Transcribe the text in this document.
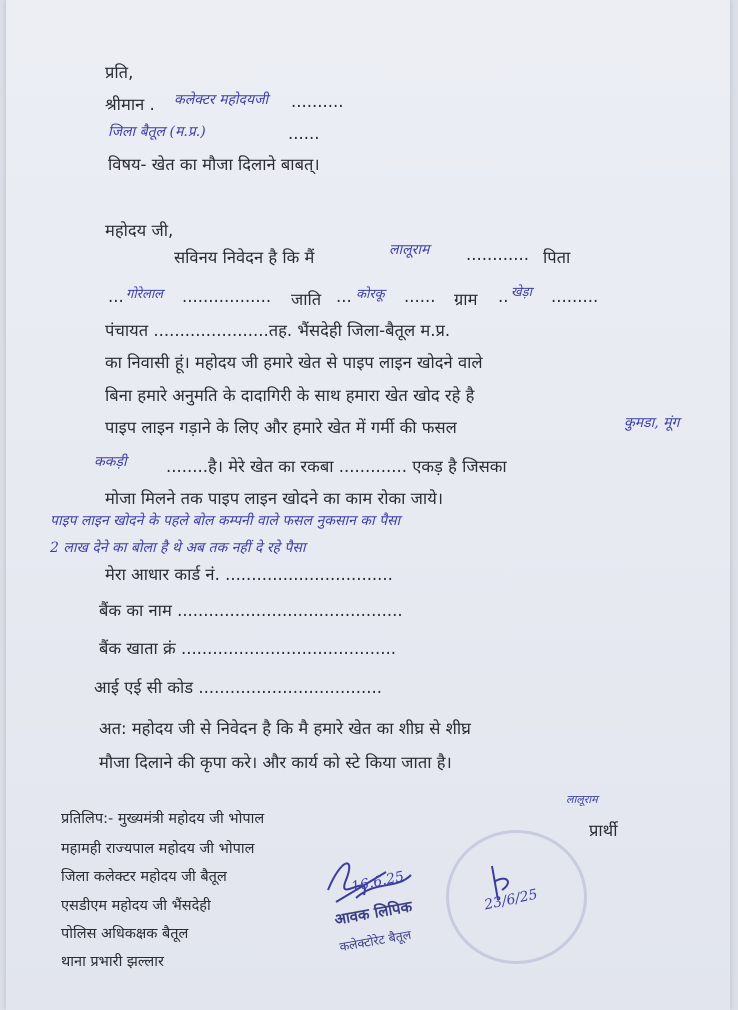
प्रति,
श्रीमान . कलेक्टर महोदयजी ..........
जिला बैतूल (म.प्र.)	......
विषय- खेत का मौजा दिलाने बाबत्।
महोदय जी,
सविनय निवेदन है कि मैं	लालूराम ............ पिता
... गोरेलाल ................. जाति ... कोरकू ...... ग्राम .. खेड़ा .........
पंचायत ......................तह. भैंसदेही जिला-बैतूल म.प्र.
का निवासी हूं। महोदय जी हमारे खेत से पाइप लाइन खोदने वाले
बिना हमारे अनुमति के दादागिरी के साथ हमारा खेत खोद रहे है
पाइप लाइन गड़ाने के लिए और हमारे खेत में गर्मी की फसल	कुमडा, मूंग
ककड़ी ........है। मेरे खेत का रकबा ............. एकड़ है जिसका
मोजा मिलने तक पाइप लाइन खोदने का काम रोका जाये।
पाइप लाइन खोदने के पहले बोल कम्पनी वाले फसल नुकसान का पैसा
2 लाख देने का बोला है थे अब तक नहीं दे रहे पैसा
मेरा आधार कार्ड नं. ................................
बैंक का नाम ...........................................
बैंक खाता क्रं .........................................
आई एई सी कोड ...................................
अत: महोदय जी से निवेदन है कि मै हमारे खेत का शीघ्र से शीघ्र
मौजा दिलाने की कृपा करे। और कार्य को स्टे किया जाता है।
प्रतिलिप:- मुख्यमंत्री महोदय जी भोपाल
महामही राज्यपाल महोदय जी भोपाल
जिला कलेक्टर महोदय जी बैतूल
एसडीएम महोदय जी भैंसदेही
पोलिस अधिकक्षक बैतूल
थाना प्रभारी झल्लार
लालूराम
प्रार्थी
16.6.25
आवक लिपिक
कलेक्टोरेट बैतूल
23/6/25
